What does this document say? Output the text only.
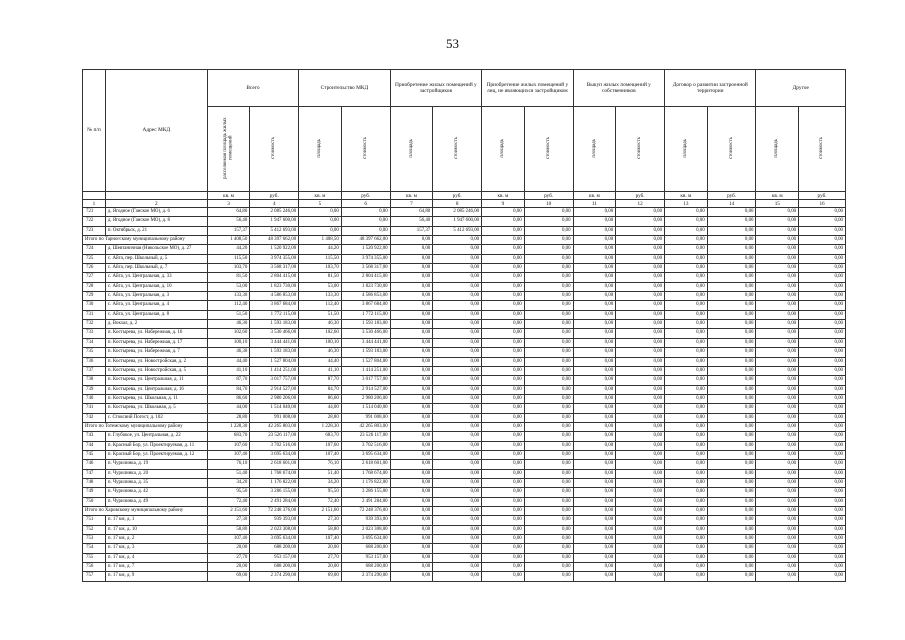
53
№ п/п	Адрес МКД	Всего		Строительство МКД		Приобретение жилых помещений у застройщиков		Приобретение жилых помещений у лиц, не являющихся застройщиком		Выкуп жилых помещений у собственников		Договор о развитии застроенной территории		Другое	
		расселяемая площадь жилых помещений	стоимость	площадь	стоимость	площадь	стоимость	площадь	стоимость	площадь	стоимость	площадь	стоимость	площадь	стоимость
		кв. м	руб.	кв. м	руб.	кв. м	руб.	кв. м	руб.	кв. м	руб.	кв. м	руб.	кв. м	руб.
1	2	3	4	5	6	7	8	9	10	11	12	13	14	15	16
721	д. Ягодное (Ганское МО), д. 6	64,80	2 085 246,00	0,00	0,00	64,80	2 085 246,00	0,00	0,00	0,00	0,00	0,00	0,00	0,00	0,00
722	д. Ягодное (Ганское МО), д. 8	56,40	1 947 600,00	0,00	0,00	56,40	1 947 600,00	0,00	0,00	0,00	0,00	0,00	0,00	0,00	0,00
723	п. Октябрьск, д. 21	157,37	5 412 693,00	0,00	0,00	157,37	5 412 693,00	0,00	0,00	0,00	0,00	0,00	0,00	0,00	0,00
Итого по Тарногскому муниципальному району		1 408,50	48 397 662,00	1 408,50	48 397 662,00	0,00	0,00	0,00	0,00	0,00	0,00	0,00	0,00	0,00	0,00
724	д. Шевтаничная (Никольское МО), д. 27	44,20	1 520 922,00	44,20	1 520 922,00	0,00	0,00	0,00	0,00	0,00	0,00	0,00	0,00	0,00	0,00
725	с. Айга, пер. Школьный, д. 5	115,50	3 974 355,00	115,50	3 974 355,00	0,00	0,00	0,00	0,00	0,00	0,00	0,00	0,00	0,00	0,00
726	с. Айга, пер. Школьный, д. 7	103,70	3 568 317,00	103,70	3 568 317,00	0,00	0,00	0,00	0,00	0,00	0,00	0,00	0,00	0,00	0,00
727	с. Айга, ул. Центральная, д. 33	81,50	2 804 415,00	81,50	2 804 415,00	0,00	0,00	0,00	0,00	0,00	0,00	0,00	0,00	0,00	0,00
728	с. Айга, ул. Центральная, д. 10	53,00	1 823 730,00	53,00	1 823 730,00	0,00	0,00	0,00	0,00	0,00	0,00	0,00	0,00	0,00	0,00
729	с. Айга, ул. Центральная, д. 3	133,30	4 586 853,00	133,30	4 586 853,00	0,00	0,00	0,00	0,00	0,00	0,00	0,00	0,00	0,00	0,00
730	с. Айга, ул. Центральная, д. 4	112,40	3 867 684,00	112,40	3 867 684,00	0,00	0,00	0,00	0,00	0,00	0,00	0,00	0,00	0,00	0,00
731	с. Айга, ул. Центральная, д. 8	51,50	1 772 115,00	51,50	1 772 115,00	0,00	0,00	0,00	0,00	0,00	0,00	0,00	0,00	0,00	0,00
732	д. Вокзал, д. 2	46,30	1 593 183,00	46,30	1 593 183,00	0,00	0,00	0,00	0,00	0,00	0,00	0,00	0,00	0,00	0,00
733	п. Костырева, ул. Набережная, д. 16	102,60	3 530 466,00	102,60	3 530 466,00	0,00	0,00	0,00	0,00	0,00	0,00	0,00	0,00	0,00	0,00
734	п. Костырева, ул. Набережная, д. 17	100,10	3 444 441,00	100,10	3 444 441,00	0,00	0,00	0,00	0,00	0,00	0,00	0,00	0,00	0,00	0,00
735	п. Костырева, ул. Набережная, д. 7	46,30	1 593 183,00	46,30	1 593 183,00	0,00	0,00	0,00	0,00	0,00	0,00	0,00	0,00	0,00	0,00
736	п. Костырева, ул. Новостройская, д. 2	44,40	1 527 804,00	44,40	1 527 804,00	0,00	0,00	0,00	0,00	0,00	0,00	0,00	0,00	0,00	0,00
737	п. Костырева, ул. Новостройская, д. 5	41,10	1 414 251,00	41,10	1 414 251,00	0,00	0,00	0,00	0,00	0,00	0,00	0,00	0,00	0,00	0,00
738	п. Костырева, ул. Центральная, д. 11	87,70	3 017 757,00	87,70	3 017 757,00	0,00	0,00	0,00	0,00	0,00	0,00	0,00	0,00	0,00	0,00
739	п. Костырева, ул. Центральная, д. 16	84,70	2 914 527,00	84,70	2 914 527,00	0,00	0,00	0,00	0,00	0,00	0,00	0,00	0,00	0,00	0,00
740	п. Костырева, ул. Школьная, д. 11	86,60	2 980 206,00	86,60	2 980 206,00	0,00	0,00	0,00	0,00	0,00	0,00	0,00	0,00	0,00	0,00
741	п. Костырева, ул. Школьная, д. 5	44,00	1 514 040,00	44,00	1 514 040,00	0,00	0,00	0,00	0,00	0,00	0,00	0,00	0,00	0,00	0,00
742	с. Стоксиий Погост, д. 102	28,80	991 008,00	28,80	991 008,00	0,00	0,00	0,00	0,00	0,00	0,00	0,00	0,00	0,00	0,00
Итого по Тотемскому муниципальному району		1 228,30	42 265 803,00	1 228,30	42 265 803,00	0,00	0,00	0,00	0,00	0,00	0,00	0,00	0,00	0,00	0,00
743	п. Глубокое, ул. Центральная, д. 22	683,70	23 526 117,00	683,70	23 526 117,00	0,00	0,00	0,00	0,00	0,00	0,00	0,00	0,00	0,00	0,00
744	п. Красный Бор, ул. Проектируемая, д. 11	107,60	3 702 516,00	107,60	3 702 516,00	0,00	0,00	0,00	0,00	0,00	0,00	0,00	0,00	0,00	0,00
745	п. Красный Бор, ул. Проектируемая, д. 12	107,40	3 695 634,00	107,40	3 695 634,00	0,00	0,00	0,00	0,00	0,00	0,00	0,00	0,00	0,00	0,00
746	п. Чурилинка, д. 19	76,10	2 618 601,00	76,10	2 618 601,00	0,00	0,00	0,00	0,00	0,00	0,00	0,00	0,00	0,00	0,00
747	п. Чурилинка, д. 20	51,40	1 768 674,00	51,40	1 768 674,00	0,00	0,00	0,00	0,00	0,00	0,00	0,00	0,00	0,00	0,00
748	п. Чурилинка, д. 35	34,20	1 176 822,00	34,20	1 176 822,00	0,00	0,00	0,00	0,00	0,00	0,00	0,00	0,00	0,00	0,00
749	п. Чурилинка, д. 42	95,50	3 286 155,00	95,50	3 286 155,00	0,00	0,00	0,00	0,00	0,00	0,00	0,00	0,00	0,00	0,00
750	п. Чурилинка, д. 49	72,40	2 491 284,00	72,40	2 491 284,00	0,00	0,00	0,00	0,00	0,00	0,00	0,00	0,00	0,00	0,00
Итого по Харовскому муниципальному району		2 151,60	72 248 376,00	2 151,60	72 248 376,00	0,00	0,00	0,00	0,00	0,00	0,00	0,00	0,00	0,00	0,00
751	п. 17 км, д. 1	27,30	939 393,00	27,30	939 393,00	0,00	0,00	0,00	0,00	0,00	0,00	0,00	0,00	0,00	0,00
752	п. 17 км, д. 10	58,80	2 023 308,00	58,80	2 023 308,00	0,00	0,00	0,00	0,00	0,00	0,00	0,00	0,00	0,00	0,00
753	п. 17 км, д. 2	107,40	3 695 634,00	107,40	3 695 634,00	0,00	0,00	0,00	0,00	0,00	0,00	0,00	0,00	0,00	0,00
754	п. 17 км, д. 3	20,00	688 200,00	20,00	688 200,00	0,00	0,00	0,00	0,00	0,00	0,00	0,00	0,00	0,00	0,00
755	п. 17 км, д. 4	27,70	953 157,00	27,70	953 157,00	0,00	0,00	0,00	0,00	0,00	0,00	0,00	0,00	0,00	0,00
756	п. 17 км, д. 7	20,00	688 200,00	20,00	688 200,00	0,00	0,00	0,00	0,00	0,00	0,00	0,00	0,00	0,00	0,00
757	п. 17 км, д. 9	69,00	2 374 290,00	69,00	2 374 290,00	0,00	0,00	0,00	0,00	0,00	0,00	0,00	0,00	0,00	0,00
